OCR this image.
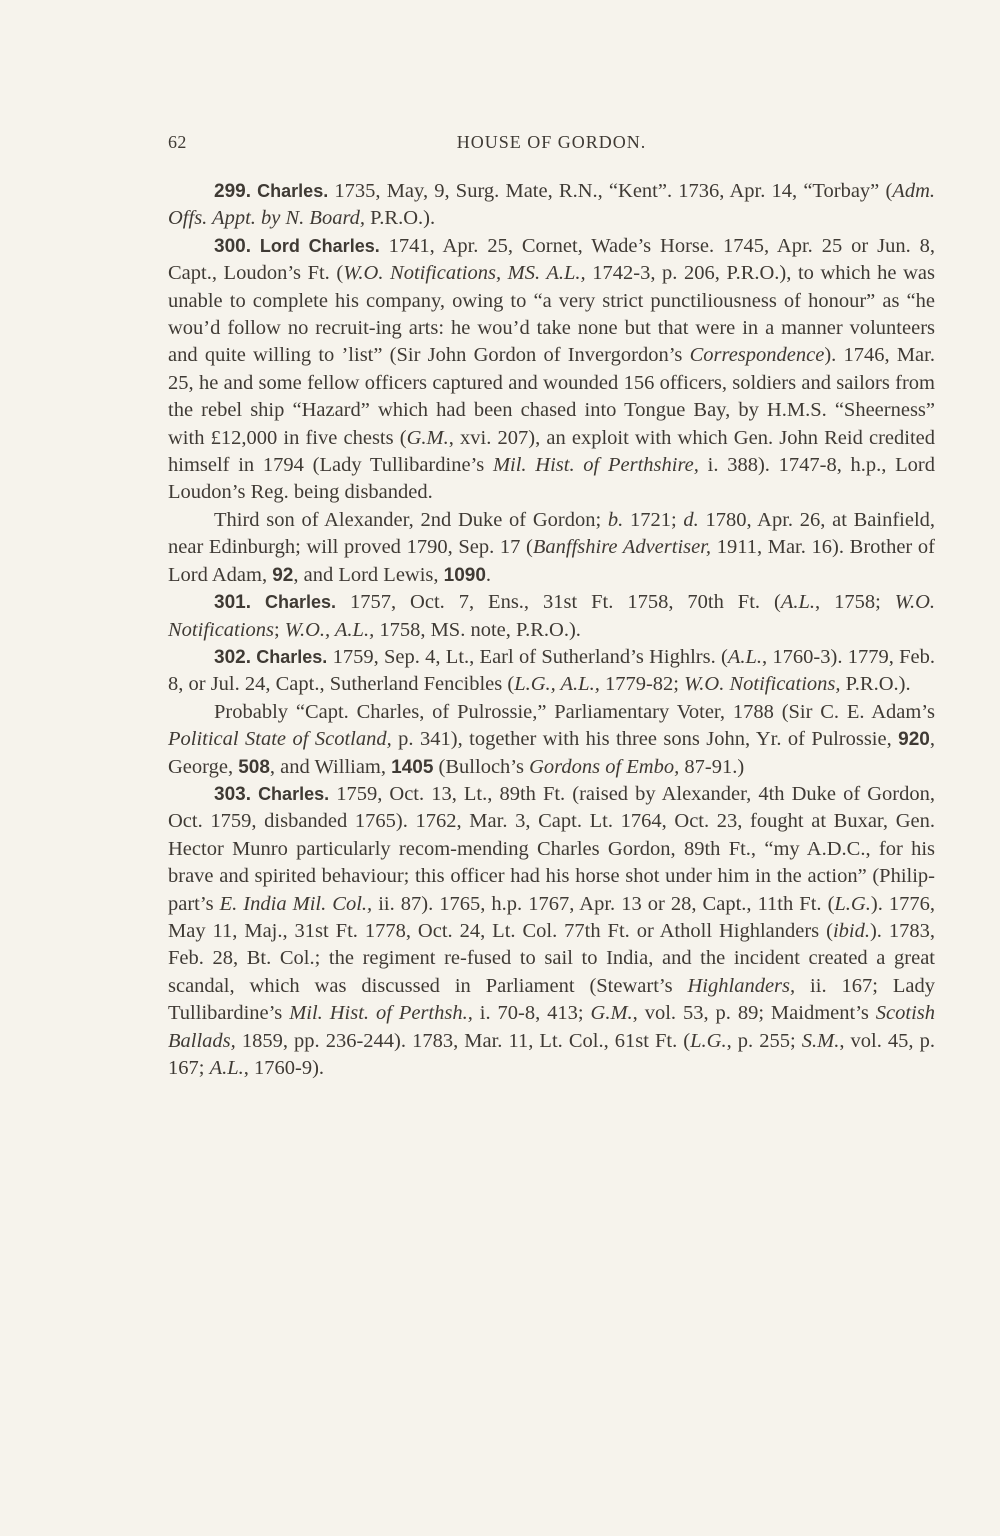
62	HOUSE OF GORDON.

299. Charles. 1735, May, 9, Surg. Mate, R.N., “Kent”. 1736, Apr. 14, “Torbay” (Adm. Offs. Appt. by N. Board, P.R.O.).

300. Lord Charles. 1741, Apr. 25, Cornet, Wade’s Horse. 1745, Apr. 25 or Jun. 8, Capt., Loudon’s Ft. (W.O. Notifications, MS. A.L., 1742-3, p. 206, P.R.O.), to which he was unable to complete his company, owing to “a very strict punctiliousness of honour” as “he wou’d follow no recruit-ing arts: he wou’d take none but that were in a manner volunteers and quite willing to ’list” (Sir John Gordon of Invergordon’s Correspondence). 1746, Mar. 25, he and some fellow officers captured and wounded 156 officers, soldiers and sailors from the rebel ship “Hazard” which had been chased into Tongue Bay, by H.M.S. “Sheerness” with £12,000 in five chests (G.M., xvi. 207), an exploit with which Gen. John Reid credited himself in 1794 (Lady Tullibardine’s Mil. Hist. of Perthshire, i. 388). 1747-8, h.p., Lord Loudon’s Reg. being disbanded.

Third son of Alexander, 2nd Duke of Gordon; b. 1721; d. 1780, Apr. 26, at Bainfield, near Edinburgh; will proved 1790, Sep. 17 (Banffshire Advertiser, 1911, Mar. 16). Brother of Lord Adam, 92, and Lord Lewis, 1090.

301. Charles. 1757, Oct. 7, Ens., 31st Ft. 1758, 70th Ft. (A.L., 1758; W.O. Notifications; W.O., A.L., 1758, MS. note, P.R.O.).

302. Charles. 1759, Sep. 4, Lt., Earl of Sutherland’s Highlrs. (A.L., 1760-3). 1779, Feb. 8, or Jul. 24, Capt., Sutherland Fencibles (L.G., A.L., 1779-82; W.O. Notifications, P.R.O.).

Probably “Capt. Charles, of Pulrossie,” Parliamentary Voter, 1788 (Sir C. E. Adam’s Political State of Scotland, p. 341), together with his three sons John, Yr. of Pulrossie, 920, George, 508, and William, 1405 (Bulloch’s Gordons of Embo, 87-91.)

303. Charles. 1759, Oct. 13, Lt., 89th Ft. (raised by Alexander, 4th Duke of Gordon, Oct. 1759, disbanded 1765). 1762, Mar. 3, Capt. Lt. 1764, Oct. 23, fought at Buxar, Gen. Hector Munro particularly recom-mending Charles Gordon, 89th Ft., “my A.D.C., for his brave and spirited behaviour; this officer had his horse shot under him in the action” (Philip-part’s E. India Mil. Col., ii. 87). 1765, h.p. 1767, Apr. 13 or 28, Capt., 11th Ft. (L.G.). 1776, May 11, Maj., 31st Ft. 1778, Oct. 24, Lt. Col. 77th Ft. or Atholl Highlanders (ibid.). 1783, Feb. 28, Bt. Col.; the regiment re-fused to sail to India, and the incident created a great scandal, which was discussed in Parliament (Stewart’s Highlanders, ii. 167; Lady Tullibardine’s Mil. Hist. of Perthsh., i. 70-8, 413; G.M., vol. 53, p. 89; Maidment’s Scotish Ballads, 1859, pp. 236-244). 1783, Mar. 11, Lt. Col., 61st Ft. (L.G., p. 255; S.M., vol. 45, p. 167; A.L., 1760-9).
